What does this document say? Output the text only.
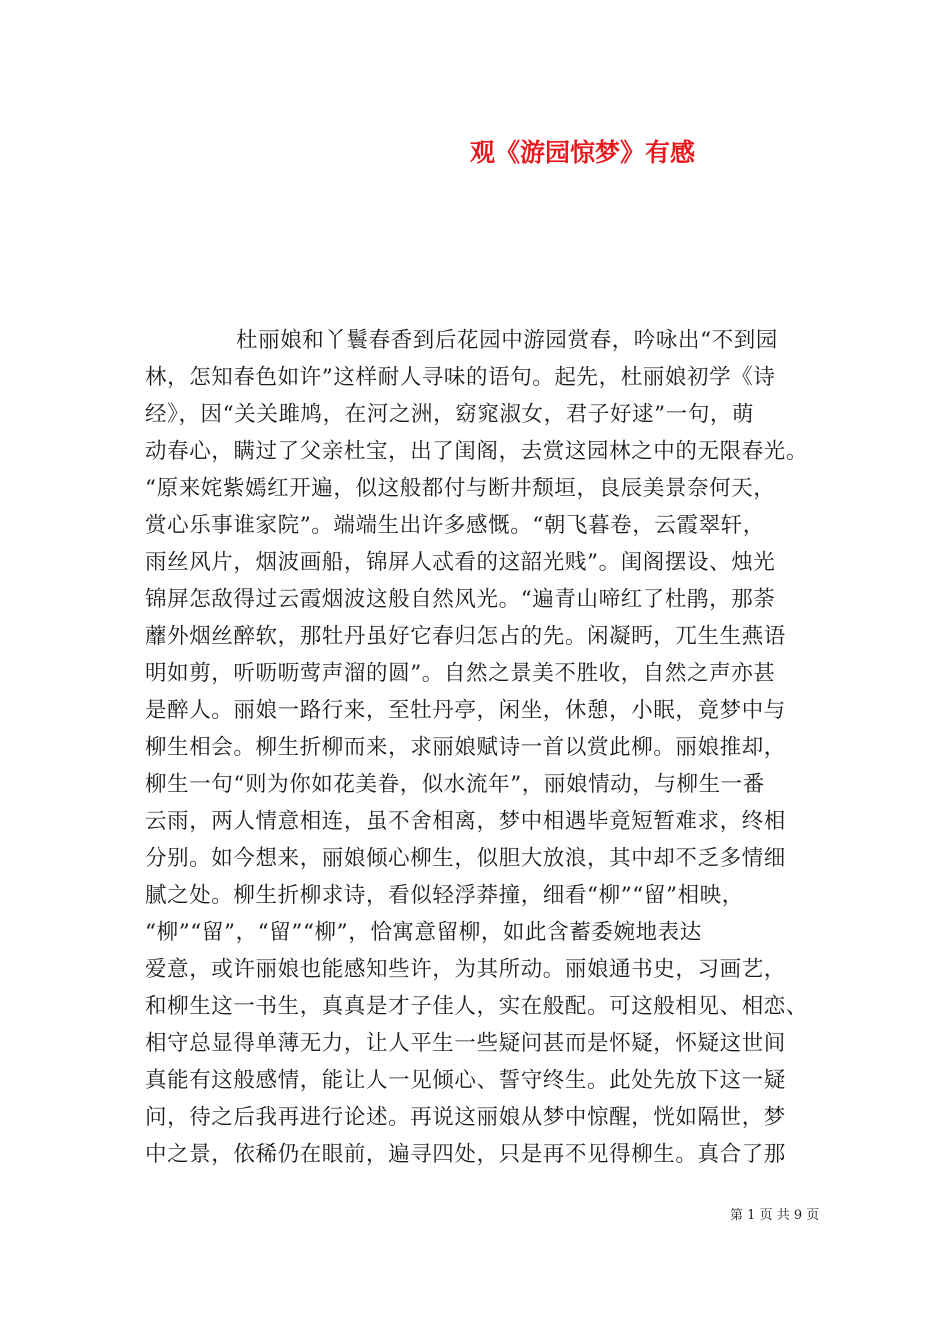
观《游园惊梦》有感
杜丽娘和丫鬟春香到后花园中游园赏春，吟咏出“不到园
林，怎知春色如许”这样耐人寻味的语句。起先，杜丽娘初学《诗
经》，因“关关雎鸠，在河之洲，窈窕淑女，君子好逑”一句，萌
动春心，瞒过了父亲杜宝，出了闺阁，去赏这园林之中的无限春光。
“原来姹紫嫣红开遍，似这般都付与断井颓垣，良辰美景奈何天，
赏心乐事谁家院”。端端生出许多感慨。“朝飞暮卷，云霞翠轩，
雨丝风片，烟波画船，锦屏人忒看的这韶光贱”。闺阁摆设、烛光
锦屏怎敌得过云霞烟波这般自然风光。“遍青山啼红了杜鹃，那荼
蘼外烟丝醉软，那牡丹虽好它春归怎占的先。闲凝眄，兀生生燕语
明如剪，听呖呖莺声溜的圆”。自然之景美不胜收，自然之声亦甚
是醉人。丽娘一路行来，至牡丹亭，闲坐，休憩，小眠，竟梦中与
柳生相会。柳生折柳而来，求丽娘赋诗一首以赏此柳。丽娘推却，
柳生一句“则为你如花美眷，似水流年”，丽娘情动，与柳生一番
云雨，两人情意相连，虽不舍相离，梦中相遇毕竟短暂难求，终相
分别。如今想来，丽娘倾心柳生，似胆大放浪，其中却不乏多情细
腻之处。柳生折柳求诗，看似轻浮莽撞，细看“柳”“留”相映，
“柳”“留”，“留”“柳”，恰寓意留柳，如此含蓄委婉地表达
爱意，或许丽娘也能感知些许，为其所动。丽娘通书史，习画艺，
和柳生这一书生，真真是才子佳人，实在般配。可这般相见、相恋、
相守总显得单薄无力，让人平生一些疑问甚而是怀疑，怀疑这世间
真能有这般感情，能让人一见倾心、誓守终生。此处先放下这一疑
问，待之后我再进行论述。再说这丽娘从梦中惊醒，恍如隔世，梦
中之景，依稀仍在眼前，遍寻四处，只是再不见得柳生。真合了那
第 1 页 共 9 页
